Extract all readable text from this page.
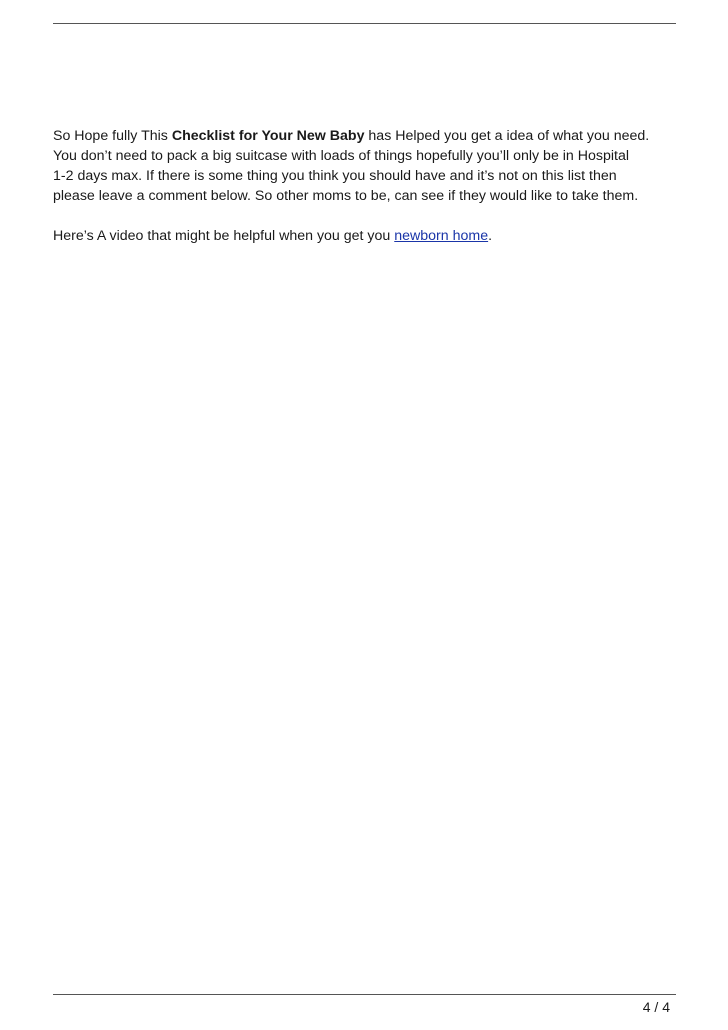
So Hope fully This Checklist for Your New Baby has Helped you get a idea of what you need.
You don’t need to pack a big suitcase with loads of things hopefully you’ll only be in Hospital
1-2 days max. If there is some thing you think you should have and it’s not on this list then
please leave a comment below. So other moms to be, can see if they would like to take them.

Here’s A video that might be helpful when you get you newborn home.

4 / 4
